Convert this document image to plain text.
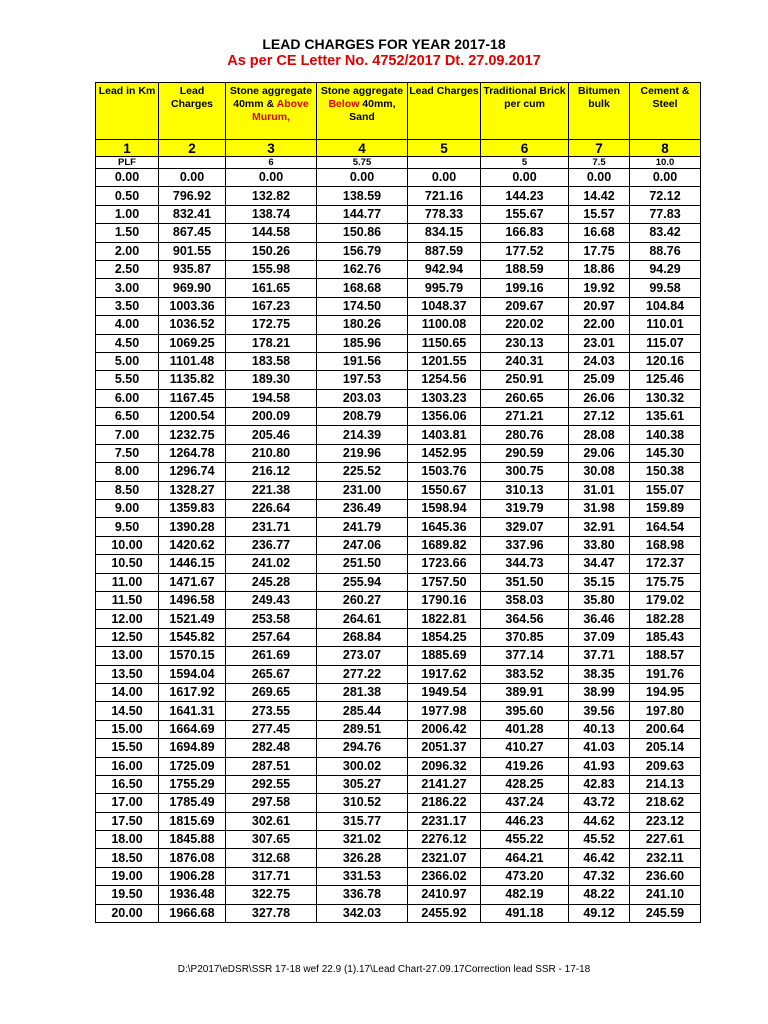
LEAD CHARGES FOR YEAR 2017-18
As per CE Letter No. 4752/2017 Dt. 27.09.2017
Lead in Km	Lead Charges	Stone aggregate 40mm & Above Murum,	Stone aggregate Below 40mm, Sand	Lead Charges	Traditional Brick per cum	Bitumen bulk	Cement & Steel
1	2	3	4	5	6	7	8
PLF		6	5.75		5	7.5	10.0
0.00	0.00	0.00	0.00	0.00	0.00	0.00	0.00
0.50	796.92	132.82	138.59	721.16	144.23	14.42	72.12
1.00	832.41	138.74	144.77	778.33	155.67	15.57	77.83
1.50	867.45	144.58	150.86	834.15	166.83	16.68	83.42
2.00	901.55	150.26	156.79	887.59	177.52	17.75	88.76
2.50	935.87	155.98	162.76	942.94	188.59	18.86	94.29
3.00	969.90	161.65	168.68	995.79	199.16	19.92	99.58
3.50	1003.36	167.23	174.50	1048.37	209.67	20.97	104.84
4.00	1036.52	172.75	180.26	1100.08	220.02	22.00	110.01
4.50	1069.25	178.21	185.96	1150.65	230.13	23.01	115.07
5.00	1101.48	183.58	191.56	1201.55	240.31	24.03	120.16
5.50	1135.82	189.30	197.53	1254.56	250.91	25.09	125.46
6.00	1167.45	194.58	203.03	1303.23	260.65	26.06	130.32
6.50	1200.54	200.09	208.79	1356.06	271.21	27.12	135.61
7.00	1232.75	205.46	214.39	1403.81	280.76	28.08	140.38
7.50	1264.78	210.80	219.96	1452.95	290.59	29.06	145.30
8.00	1296.74	216.12	225.52	1503.76	300.75	30.08	150.38
8.50	1328.27	221.38	231.00	1550.67	310.13	31.01	155.07
9.00	1359.83	226.64	236.49	1598.94	319.79	31.98	159.89
9.50	1390.28	231.71	241.79	1645.36	329.07	32.91	164.54
10.00	1420.62	236.77	247.06	1689.82	337.96	33.80	168.98
10.50	1446.15	241.02	251.50	1723.66	344.73	34.47	172.37
11.00	1471.67	245.28	255.94	1757.50	351.50	35.15	175.75
11.50	1496.58	249.43	260.27	1790.16	358.03	35.80	179.02
12.00	1521.49	253.58	264.61	1822.81	364.56	36.46	182.28
12.50	1545.82	257.64	268.84	1854.25	370.85	37.09	185.43
13.00	1570.15	261.69	273.07	1885.69	377.14	37.71	188.57
13.50	1594.04	265.67	277.22	1917.62	383.52	38.35	191.76
14.00	1617.92	269.65	281.38	1949.54	389.91	38.99	194.95
14.50	1641.31	273.55	285.44	1977.98	395.60	39.56	197.80
15.00	1664.69	277.45	289.51	2006.42	401.28	40.13	200.64
15.50	1694.89	282.48	294.76	2051.37	410.27	41.03	205.14
16.00	1725.09	287.51	300.02	2096.32	419.26	41.93	209.63
16.50	1755.29	292.55	305.27	2141.27	428.25	42.83	214.13
17.00	1785.49	297.58	310.52	2186.22	437.24	43.72	218.62
17.50	1815.69	302.61	315.77	2231.17	446.23	44.62	223.12
18.00	1845.88	307.65	321.02	2276.12	455.22	45.52	227.61
18.50	1876.08	312.68	326.28	2321.07	464.21	46.42	232.11
19.00	1906.28	317.71	331.53	2366.02	473.20	47.32	236.60
19.50	1936.48	322.75	336.78	2410.97	482.19	48.22	241.10
20.00	1966.68	327.78	342.03	2455.92	491.18	49.12	245.59
D:\P2017\eDSR\SSR 17-18 wef 22.9 (1).17\Lead Chart-27.09.17Correction lead SSR - 17-18
